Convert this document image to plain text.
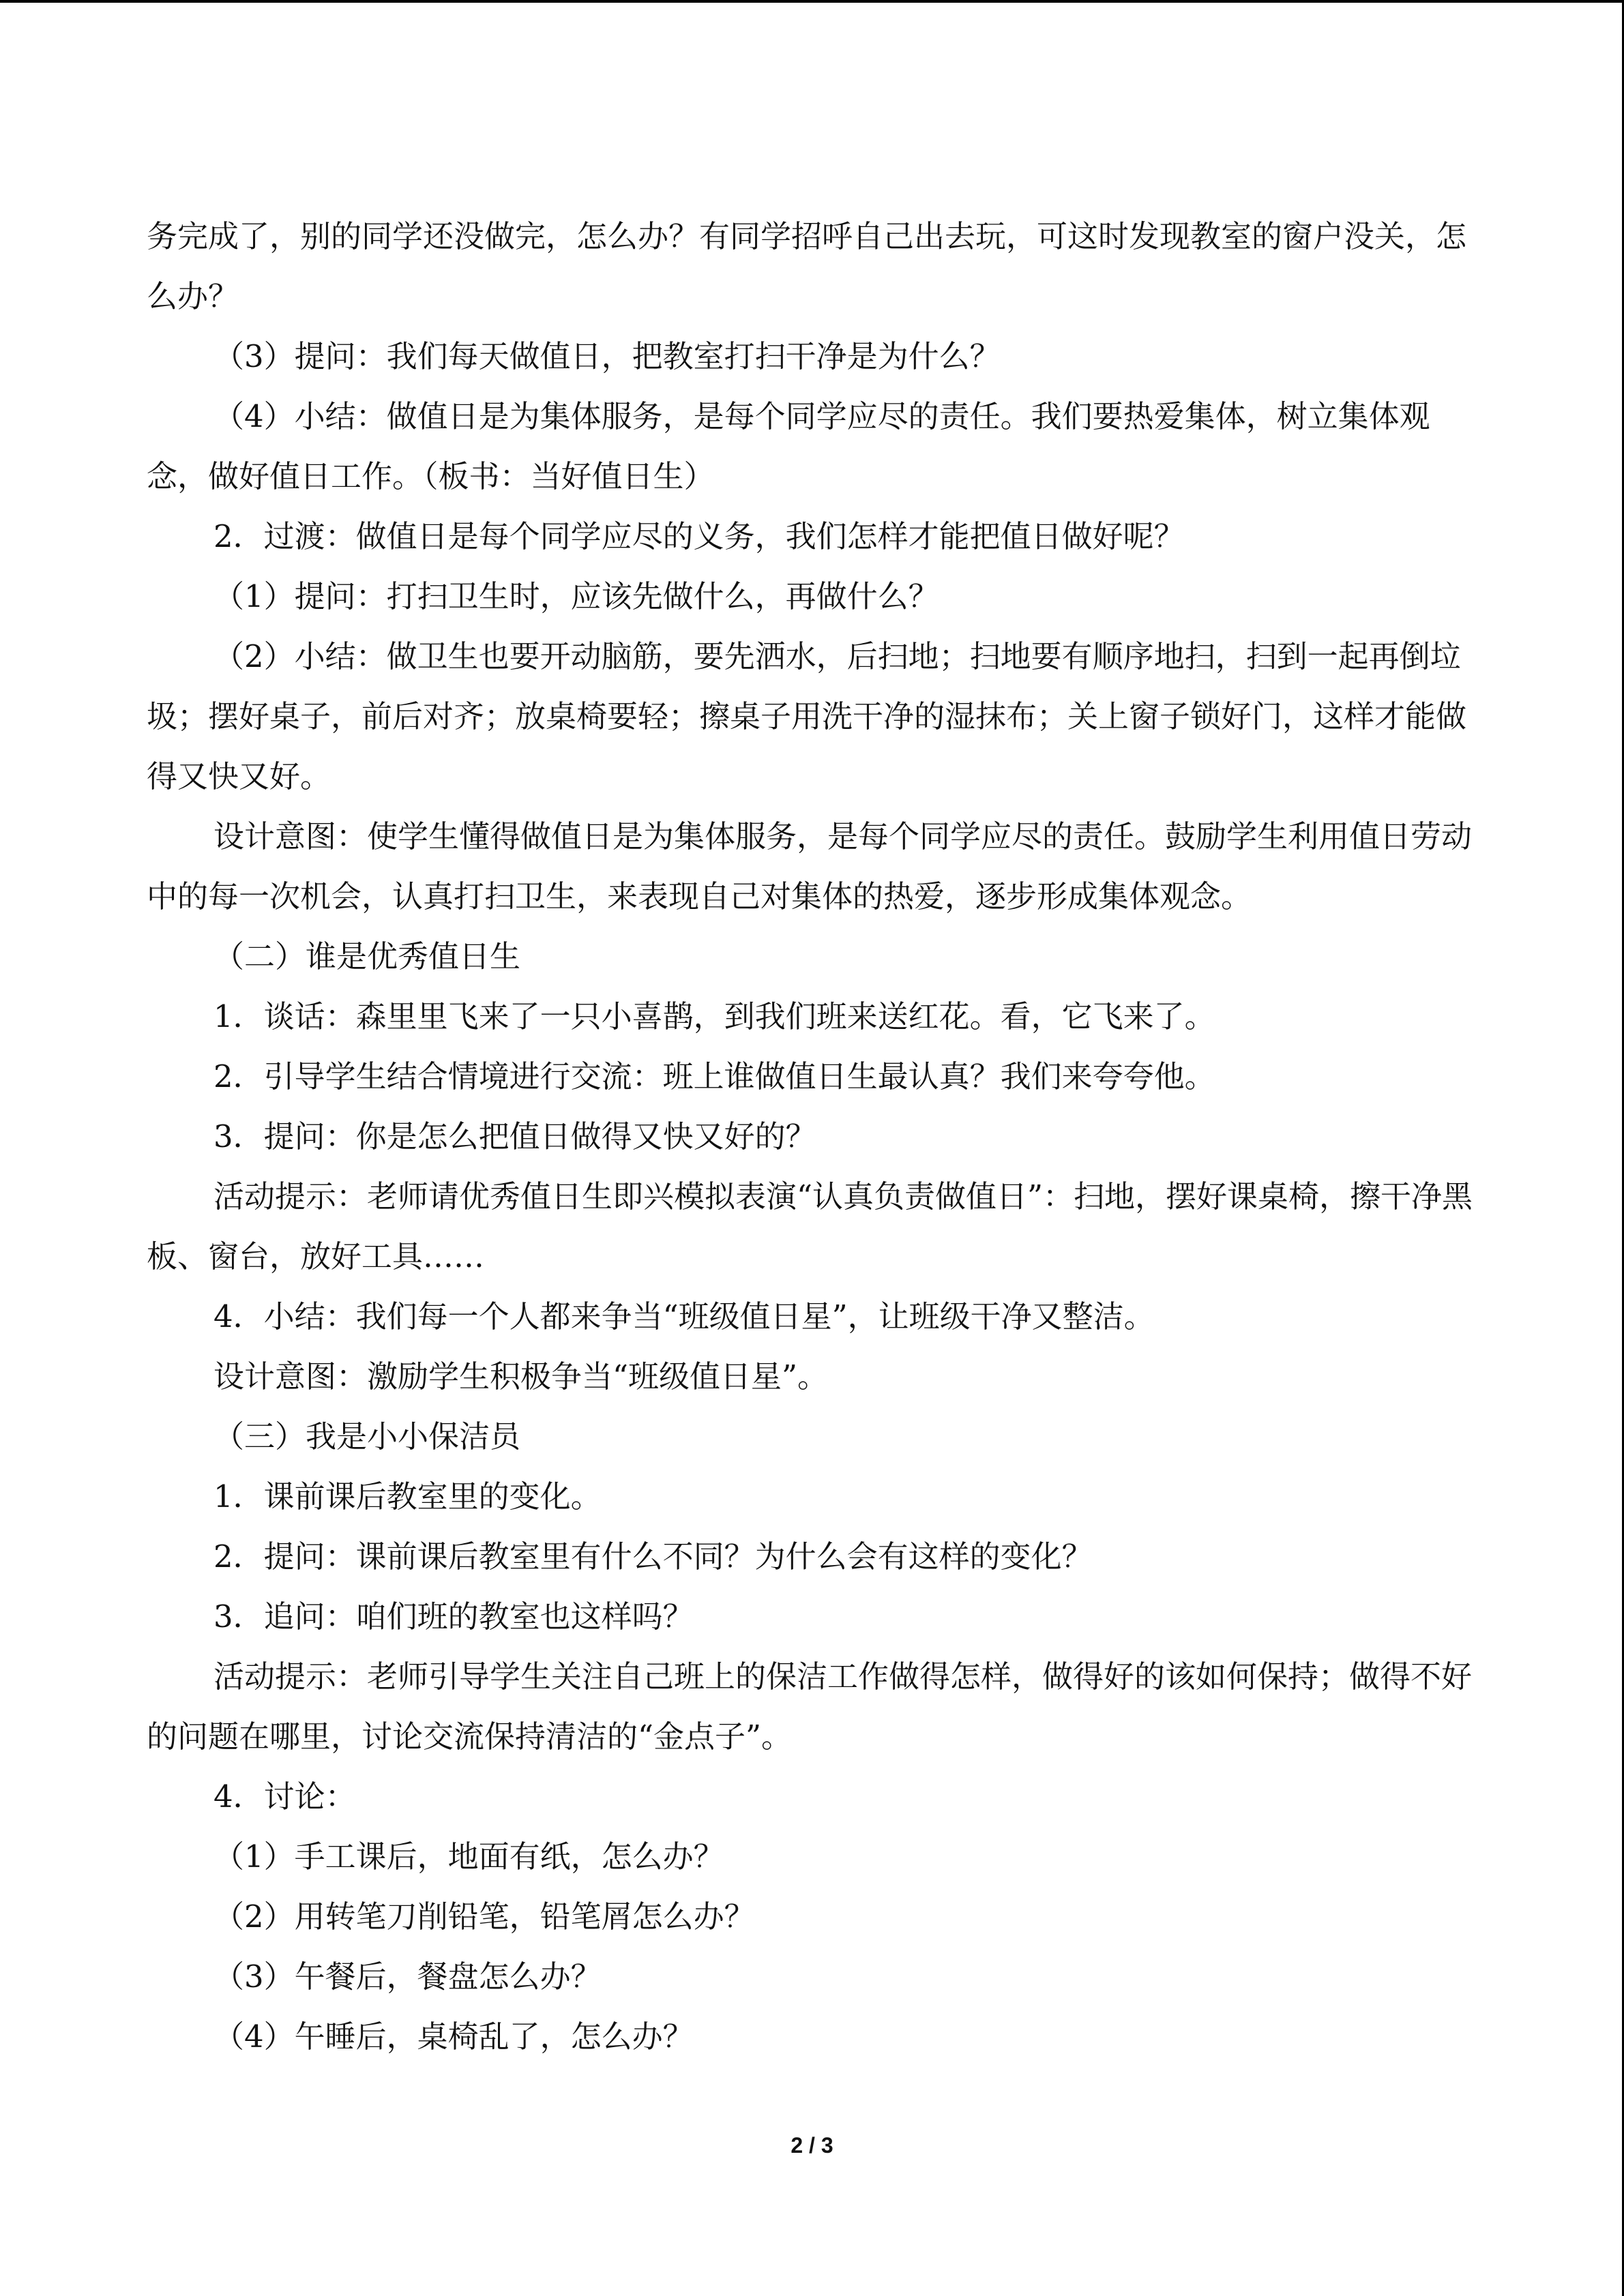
务完成了，别的同学还没做完，怎么办？有同学招呼自己出去玩，可这时发现教室的窗户没关，怎么办？

（3）提问：我们每天做值日，把教室打扫干净是为什么？

（4）小结：做值日是为集体服务，是每个同学应尽的责任。我们要热爱集体，树立集体观念，做好值日工作。（板书：当好值日生）

2．过渡：做值日是每个同学应尽的义务，我们怎样才能把值日做好呢？

（1）提问：打扫卫生时，应该先做什么，再做什么？

（2）小结：做卫生也要开动脑筋，要先洒水，后扫地；扫地要有顺序地扫，扫到一起再倒垃圾；摆好桌子，前后对齐；放桌椅要轻；擦桌子用洗干净的湿抹布；关上窗子锁好门，这样才能做得又快又好。

设计意图：使学生懂得做值日是为集体服务，是每个同学应尽的责任。鼓励学生利用值日劳动中的每一次机会，认真打扫卫生，来表现自己对集体的热爱，逐步形成集体观念。

（二）谁是优秀值日生

1．谈话：森里里飞来了一只小喜鹊，到我们班来送红花。看，它飞来了。

2．引导学生结合情境进行交流：班上谁做值日生最认真？我们来夸夸他。

3．提问：你是怎么把值日做得又快又好的？

活动提示：老师请优秀值日生即兴模拟表演“认真负责做值日”：扫地，摆好课桌椅，擦干净黑板、窗台，放好工具……

4．小结：我们每一个人都来争当“班级值日星”，让班级干净又整洁。

设计意图：激励学生积极争当“班级值日星”。

（三）我是小小保洁员

1．课前课后教室里的变化。

2．提问：课前课后教室里有什么不同？为什么会有这样的变化？

3．追问：咱们班的教室也这样吗？

活动提示：老师引导学生关注自己班上的保洁工作做得怎样，做得好的该如何保持；做得不好的问题在哪里，讨论交流保持清洁的“金点子”。

4．讨论：

（1）手工课后，地面有纸，怎么办？

（2）用转笔刀削铅笔，铅笔屑怎么办？

（3）午餐后，餐盘怎么办？

（4）午睡后，桌椅乱了，怎么办？

2 / 3
